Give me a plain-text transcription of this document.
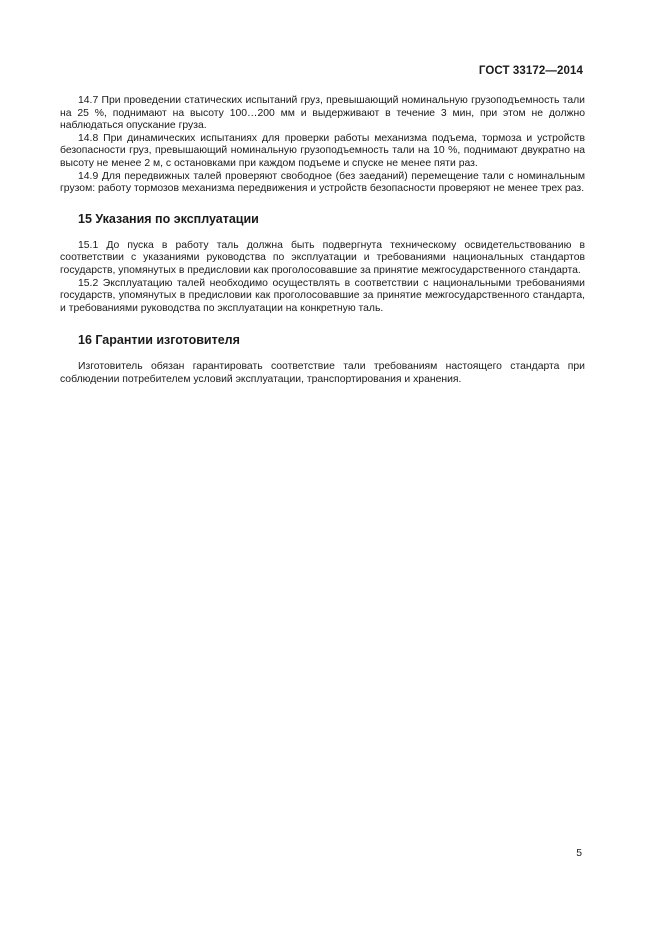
ГОСТ 33172—2014

14.7 При проведении статических испытаний груз, превышающий номинальную грузоподъемность тали на 25 %, поднимают на высоту 100…200 мм и выдерживают в течение 3 мин, при этом не должно наблюдаться опускание груза.

14.8 При динамических испытаниях для проверки работы механизма подъема, тормоза и устройств безопасности груз, превышающий номинальную грузоподъемность тали на 10 %, поднимают двукратно на высоту не менее 2 м, с остановками при каждом подъеме и спуске не менее пяти раз.

14.9 Для передвижных талей проверяют свободное (без заеданий) перемещение тали с номинальным грузом: работу тормозов механизма передвижения и устройств безопасности проверяют не менее трех раз.

15 Указания по эксплуатации

15.1 До пуска в работу таль должна быть подвергнута техническому освидетельствованию в соответствии с указаниями руководства по эксплуатации и требованиями национальных стандартов государств, упомянутых в предисловии как проголосовавшие за принятие межгосударственного стандарта.

15.2 Эксплуатацию талей необходимо осуществлять в соответствии с национальными требованиями государств, упомянутых в предисловии как проголосовавшие за принятие межгосударственного стандарта, и требованиями руководства по эксплуатации на конкретную таль.

16 Гарантии изготовителя

Изготовитель обязан гарантировать соответствие тали требованиям настоящего стандарта при соблюдении потребителем условий эксплуатации, транспортирования и хранения.

5
